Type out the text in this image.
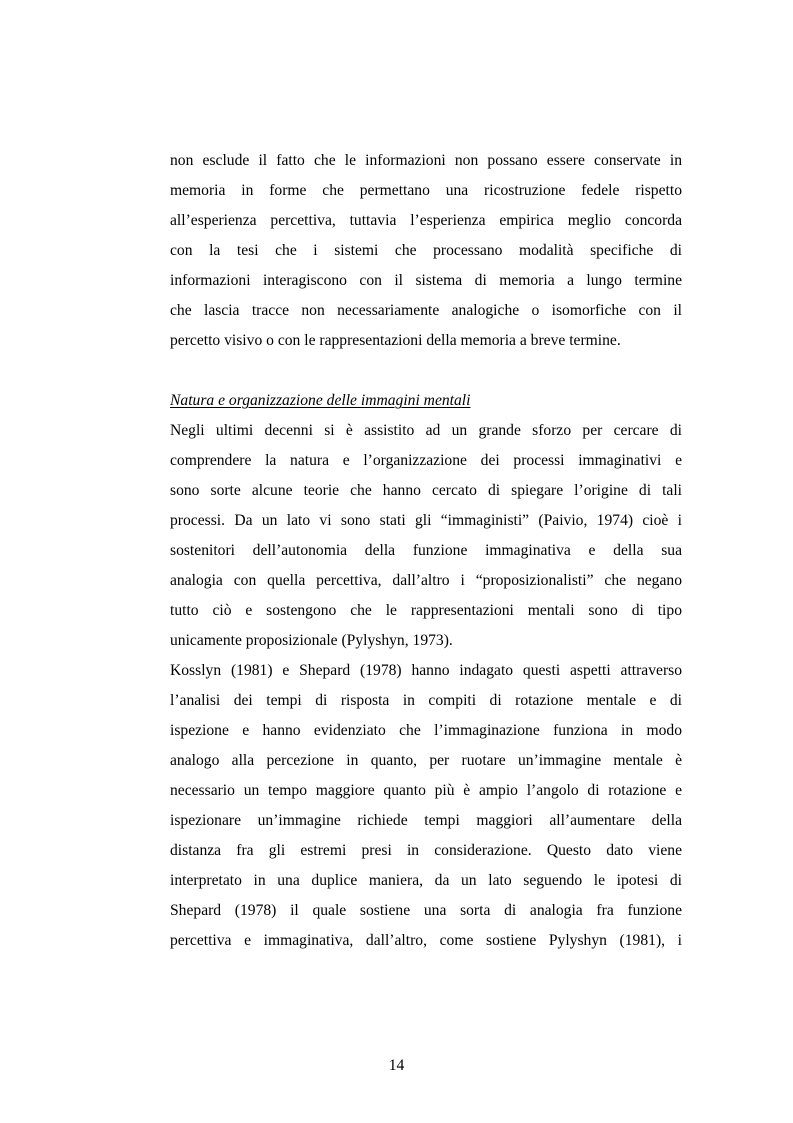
non esclude il fatto che le informazioni non possano essere conservate in
memoria in forme che permettano una ricostruzione fedele rispetto
all’esperienza percettiva, tuttavia l’esperienza empirica meglio concorda
con la tesi che i sistemi che processano modalità specifiche di
informazioni interagiscono con il sistema di memoria a lungo termine
che lascia tracce non necessariamente analogiche o isomorfiche con il
percetto visivo o con le rappresentazioni della memoria a breve termine.
Natura e organizzazione delle immagini mentali
Negli ultimi decenni si è assistito ad un grande sforzo per cercare di
comprendere la natura e l’organizzazione dei processi immaginativi e
sono sorte alcune teorie che hanno cercato di spiegare l’origine di tali
processi. Da un lato vi sono stati gli “immaginisti” (Paivio, 1974) cioè i
sostenitori dell’autonomia della funzione immaginativa e della sua
analogia con quella percettiva, dall’altro i “proposizionalisti” che negano
tutto ciò e sostengono che le rappresentazioni mentali sono di tipo
unicamente proposizionale (Pylyshyn, 1973).
Kosslyn (1981) e Shepard (1978) hanno indagato questi aspetti attraverso
l’analisi dei tempi di risposta in compiti di rotazione mentale e di
ispezione e hanno evidenziato che l’immaginazione funziona in modo
analogo alla percezione in quanto, per ruotare un’immagine mentale è
necessario un tempo maggiore quanto più è ampio l’angolo di rotazione e
ispezionare un’immagine richiede tempi maggiori all’aumentare della
distanza fra gli estremi presi in considerazione. Questo dato viene
interpretato in una duplice maniera, da un lato seguendo le ipotesi di
Shepard (1978) il quale sostiene una sorta di analogia fra funzione
percettiva e immaginativa, dall’altro, come sostiene Pylyshyn (1981), i
14
